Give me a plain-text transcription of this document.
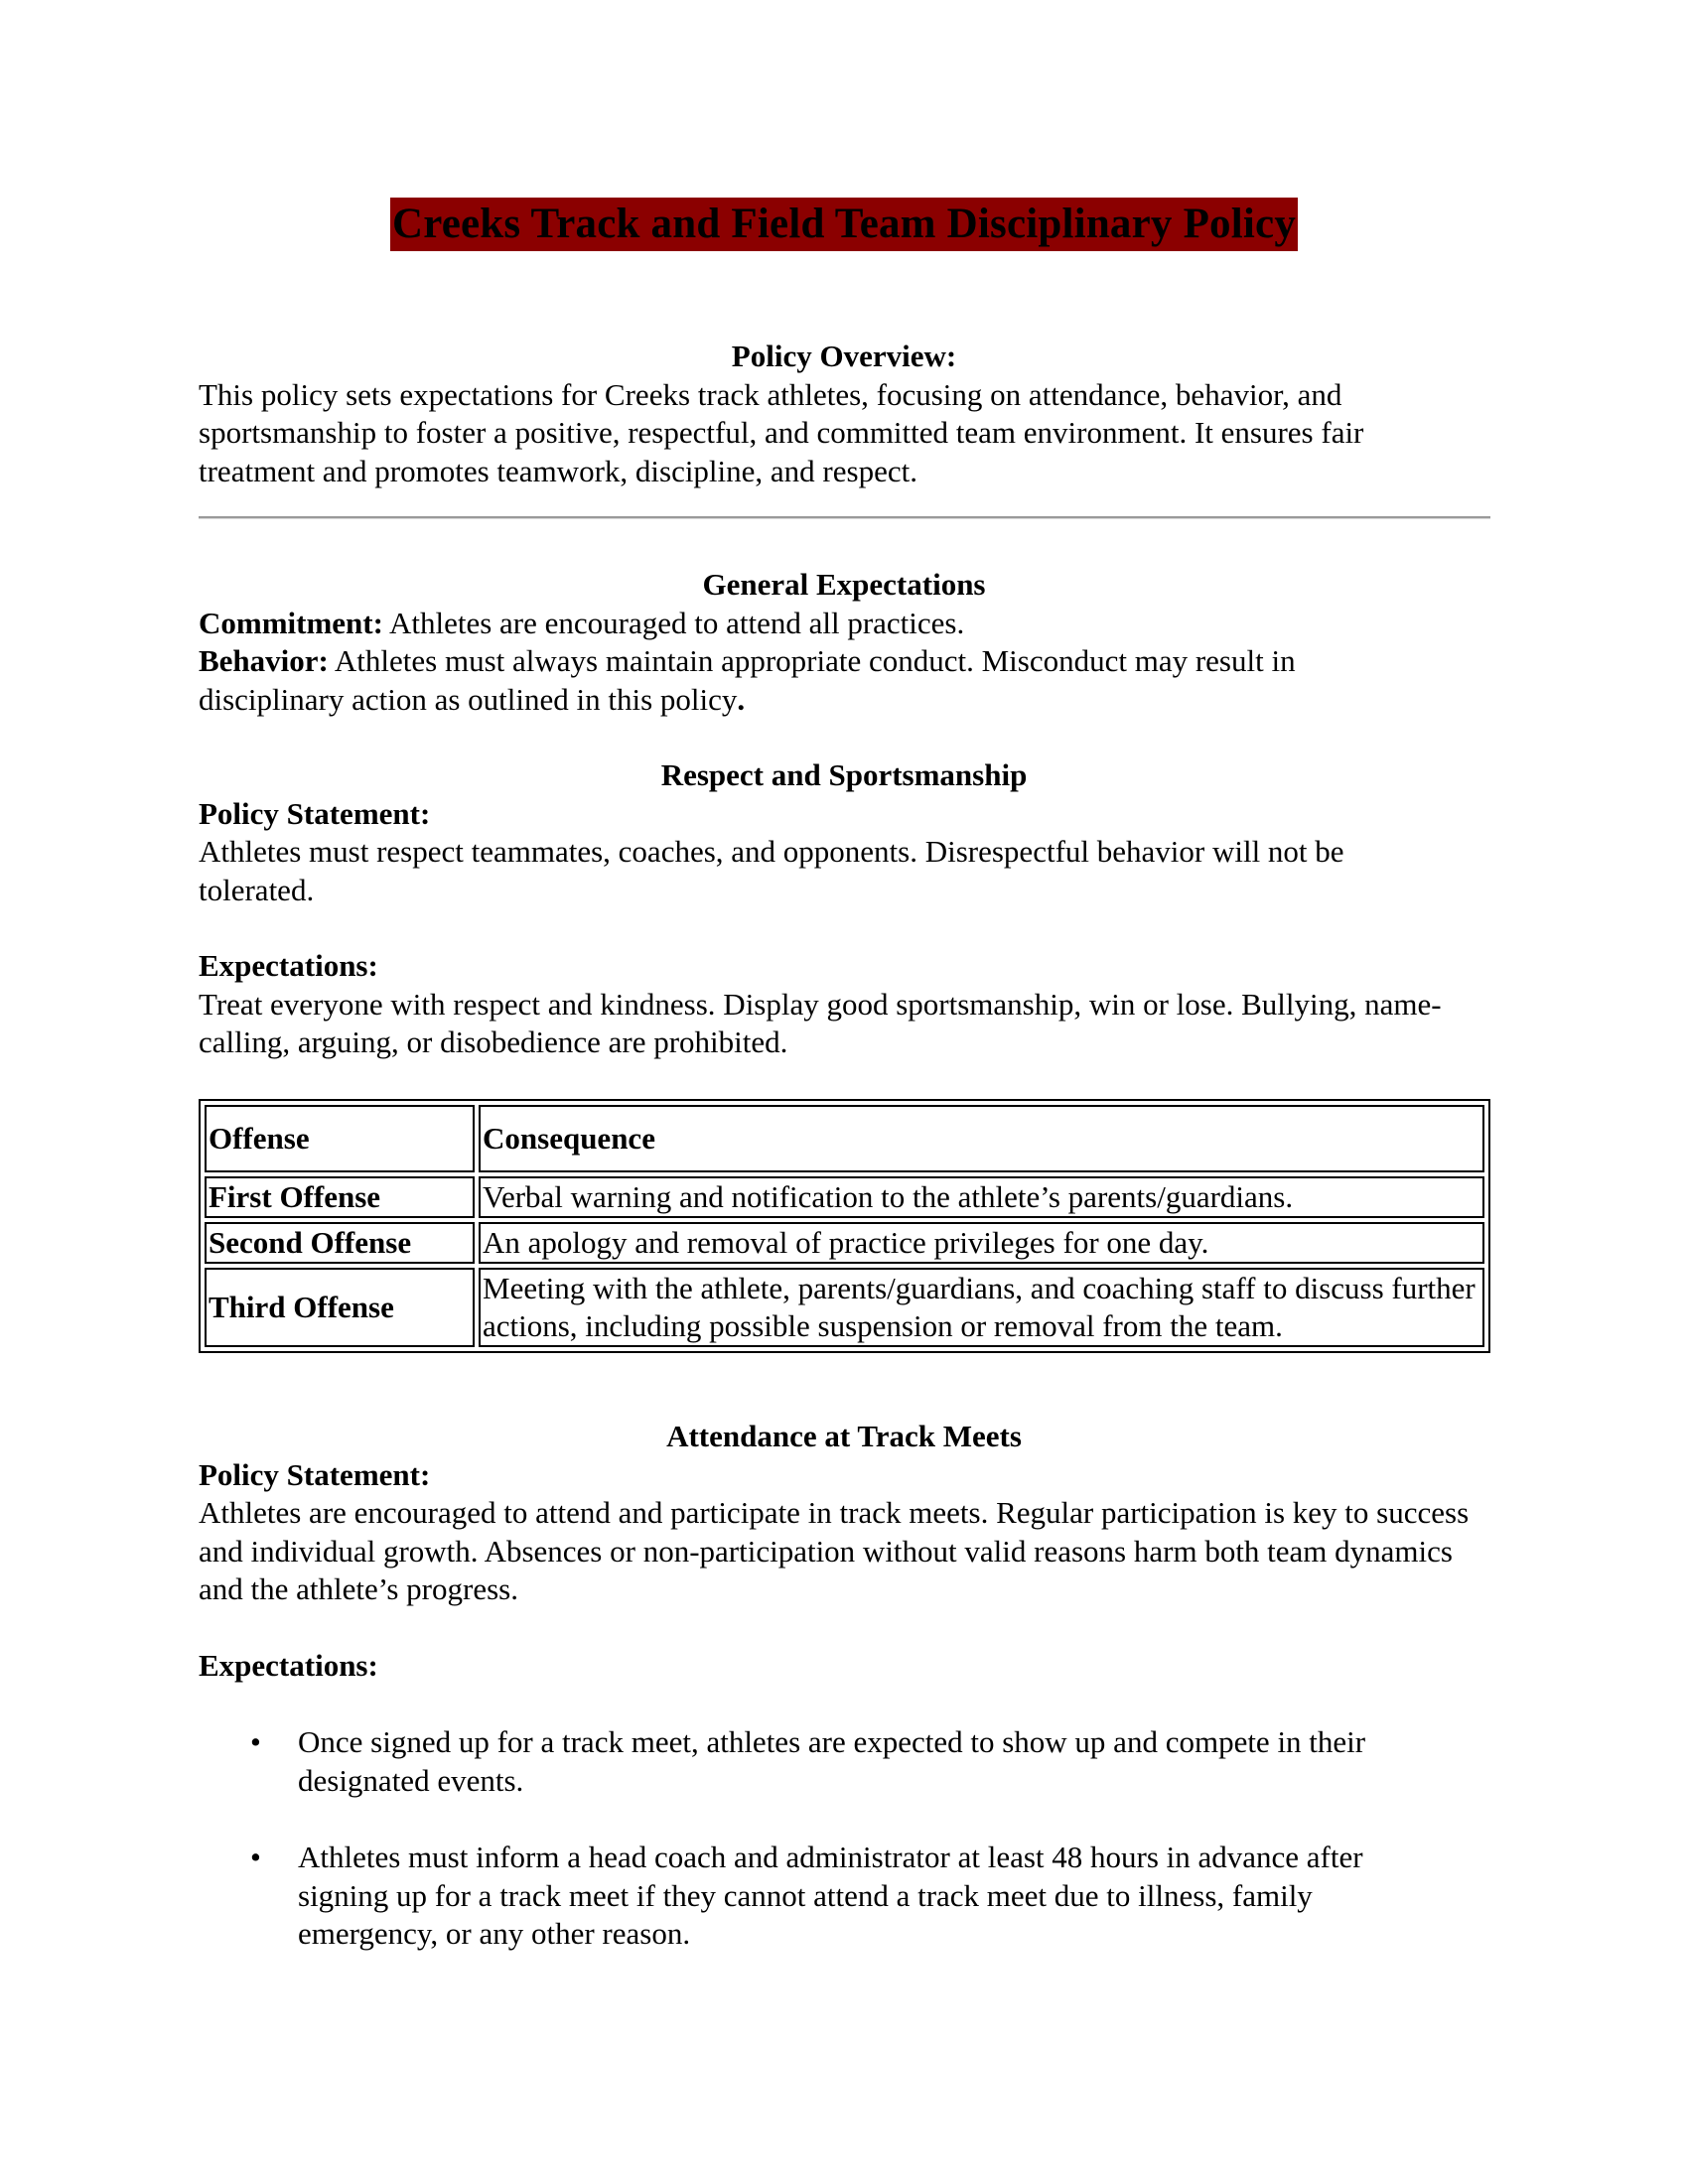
Creeks Track and Field Team Disciplinary Policy
Policy Overview:
This policy sets expectations for Creeks track athletes, focusing on attendance, behavior, and sportsmanship to foster a positive, respectful, and committed team environment. It ensures fair treatment and promotes teamwork, discipline, and respect.
General Expectations
Commitment: Athletes are encouraged to attend all practices.
Behavior: Athletes must always maintain appropriate conduct. Misconduct may result in disciplinary action as outlined in this policy.
Respect and Sportsmanship
Policy Statement:
Athletes must respect teammates, coaches, and opponents. Disrespectful behavior will not be tolerated.
Expectations:
Treat everyone with respect and kindness. Display good sportsmanship, win or lose. Bullying, name-calling, arguing, or disobedience are prohibited.
Offense	Consequence
First Offense	Verbal warning and notification to the athlete’s parents/guardians.
Second Offense	An apology and removal of practice privileges for one day.
Third Offense	Meeting with the athlete, parents/guardians, and coaching staff to discuss further actions, including possible suspension or removal from the team.
Attendance at Track Meets
Policy Statement:
Athletes are encouraged to attend and participate in track meets. Regular participation is key to success and individual growth. Absences or non-participation without valid reasons harm both team dynamics and the athlete’s progress.
Expectations:
• Once signed up for a track meet, athletes are expected to show up and compete in their designated events.
• Athletes must inform a head coach and administrator at least 48 hours in advance after signing up for a track meet if they cannot attend a track meet due to illness, family emergency, or any other reason.
